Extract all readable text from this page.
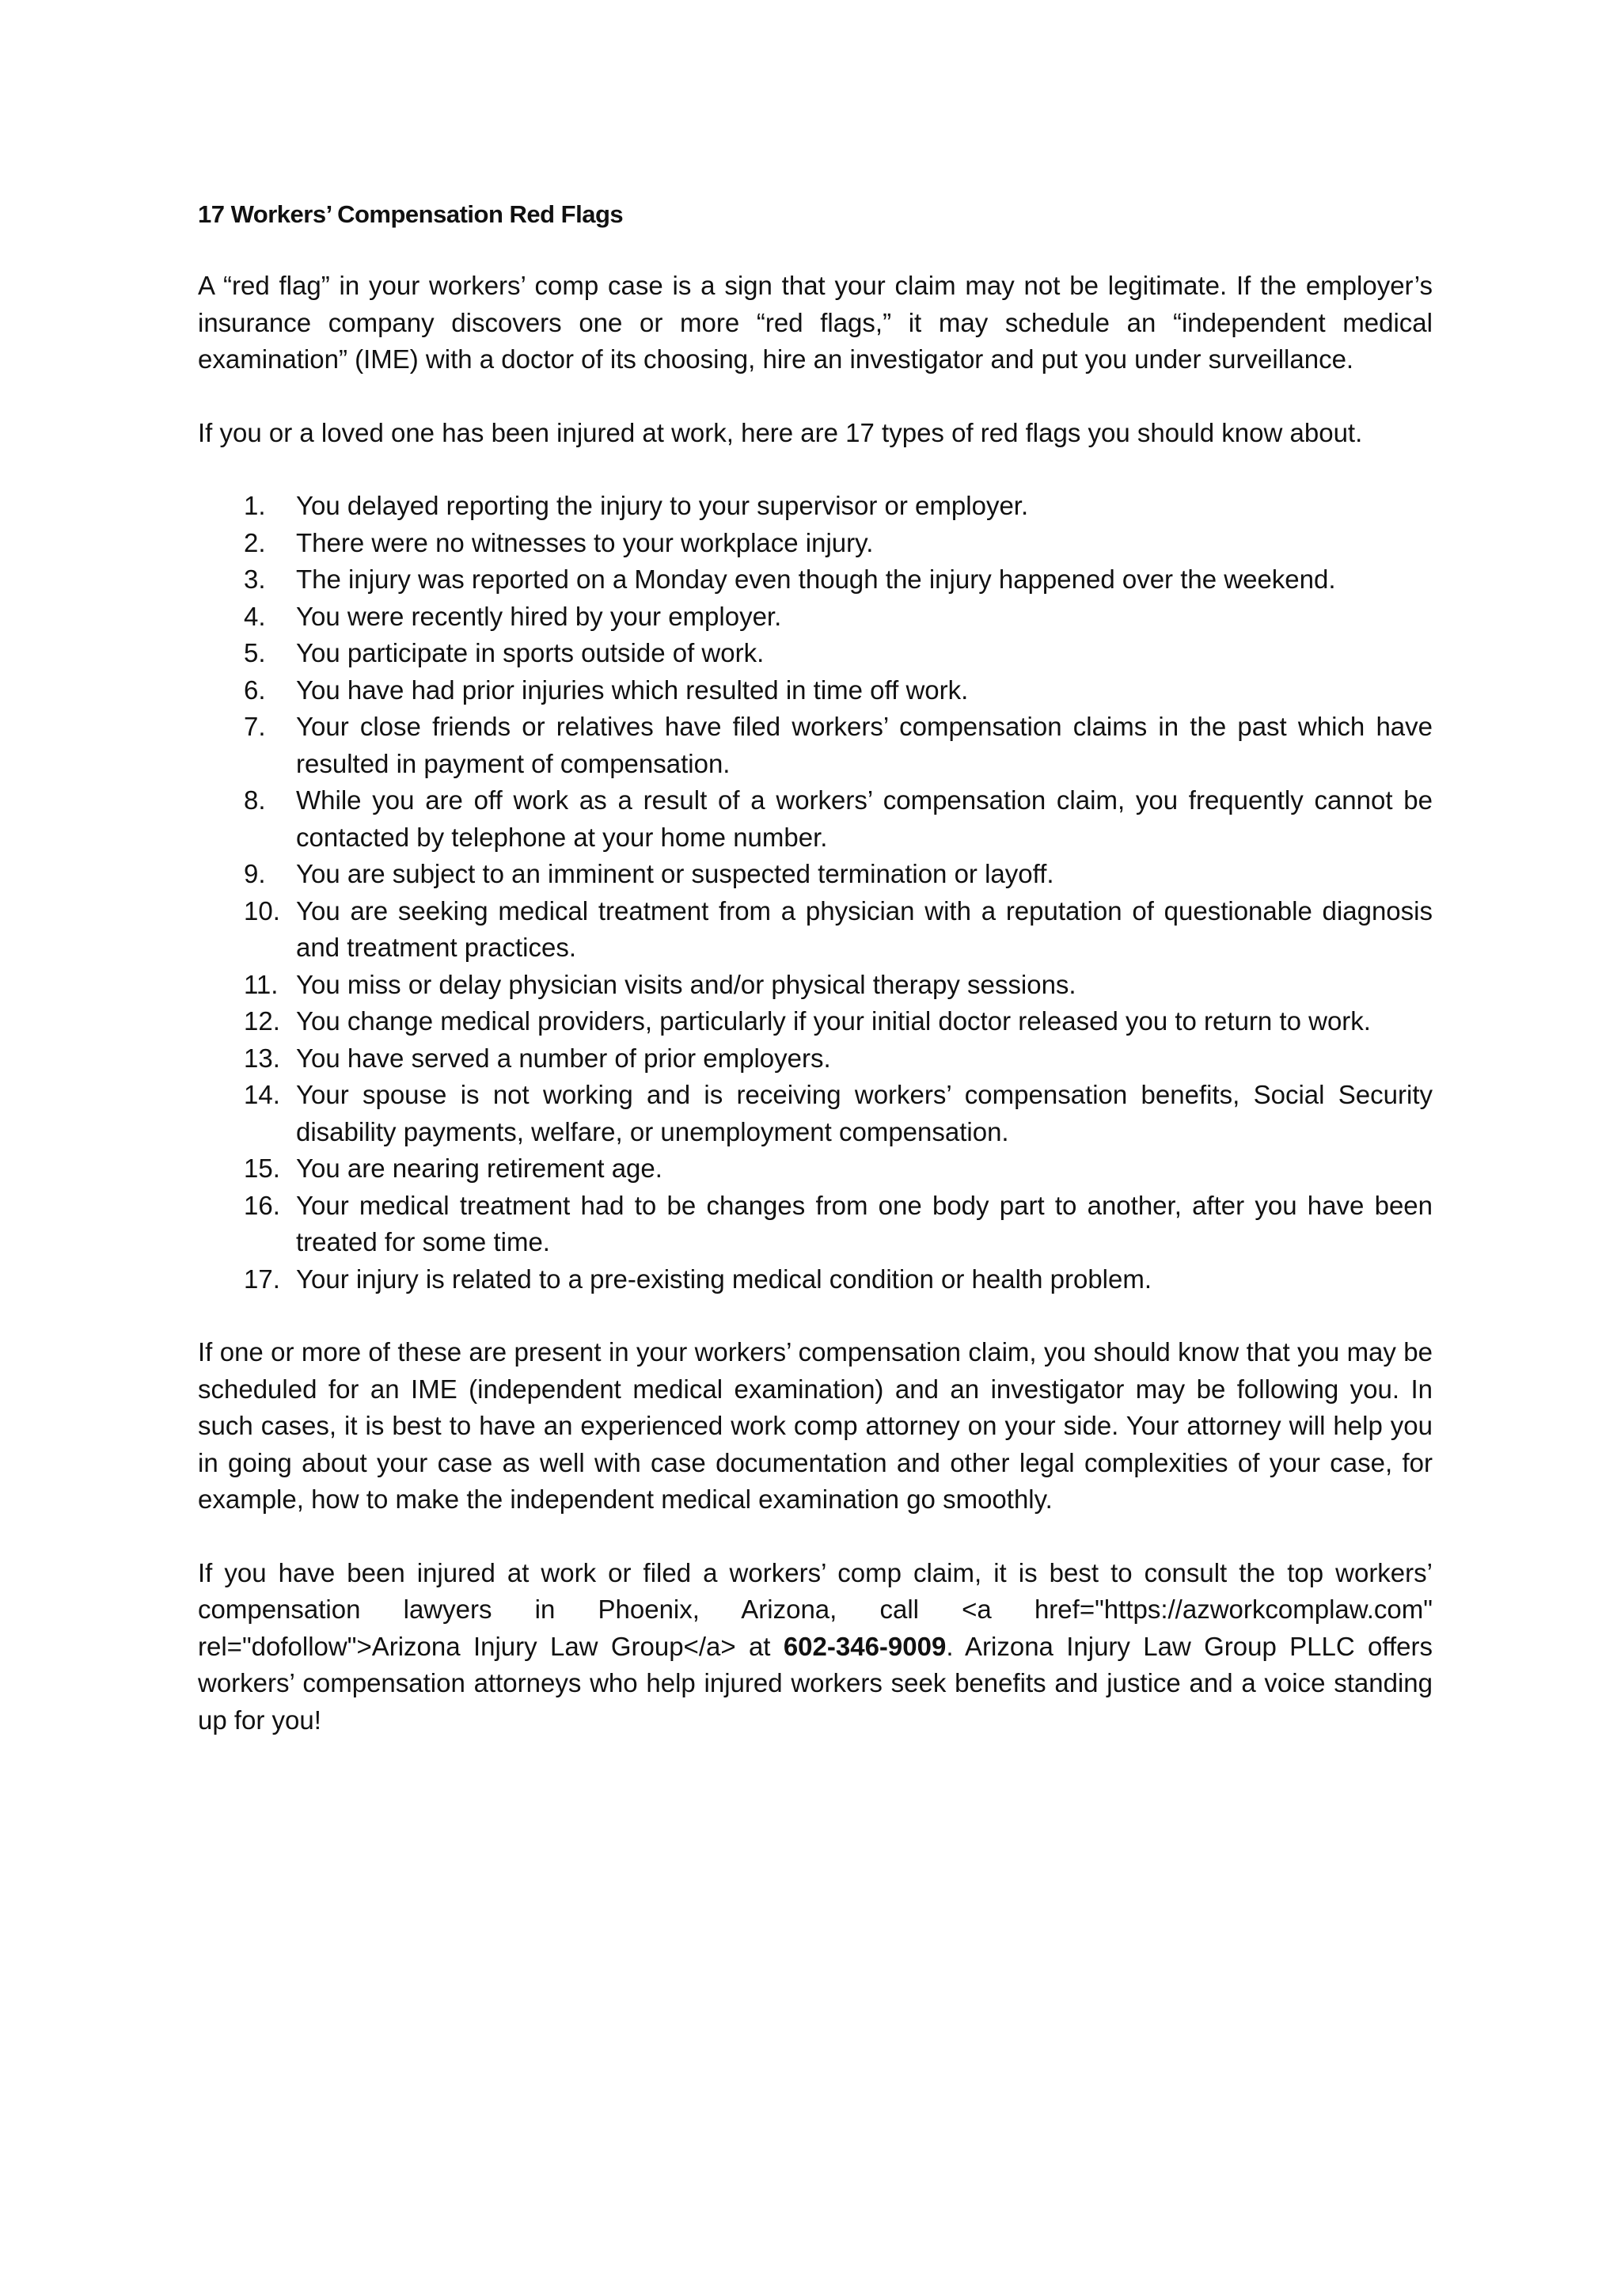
17 Workers’ Compensation Red Flags

A “red flag” in your workers’ comp case is a sign that your claim may not be legitimate. If the employer’s insurance company discovers one or more “red flags,” it may schedule an “independent medical examination” (IME) with a doctor of its choosing, hire an investigator and put you under surveillance.

If you or a loved one has been injured at work, here are 17 types of red flags you should know about.

1. You delayed reporting the injury to your supervisor or employer.
2. There were no witnesses to your workplace injury.
3. The injury was reported on a Monday even though the injury happened over the weekend.
4. You were recently hired by your employer.
5. You participate in sports outside of work.
6. You have had prior injuries which resulted in time off work.
7. Your close friends or relatives have filed workers’ compensation claims in the past which have resulted in payment of compensation.
8. While you are off work as a result of a workers’ compensation claim, you frequently cannot be contacted by telephone at your home number.
9. You are subject to an imminent or suspected termination or layoff.
10. You are seeking medical treatment from a physician with a reputation of questionable diagnosis and treatment practices.
11. You miss or delay physician visits and/or physical therapy sessions.
12. You change medical providers, particularly if your initial doctor released you to return to work.
13. You have served a number of prior employers.
14. Your spouse is not working and is receiving workers’ compensation benefits, Social Security disability payments, welfare, or unemployment compensation.
15. You are nearing retirement age.
16. Your medical treatment had to be changes from one body part to another, after you have been treated for some time.
17. Your injury is related to a pre-existing medical condition or health problem.

If one or more of these are present in your workers’ compensation claim, you should know that you may be scheduled for an IME (independent medical examination) and an investigator may be following you. In such cases, it is best to have an experienced work comp attorney on your side. Your attorney will help you in going about your case as well with case documentation and other legal complexities of your case, for example, how to make the independent medical examination go smoothly.

If you have been injured at work or filed a workers’ comp claim, it is best to consult the top workers’ compensation lawyers in Phoenix, Arizona, call <a href="https://azworkcomplaw.com" rel="dofollow">Arizona Injury Law Group</a> at 602-346-9009. Arizona Injury Law Group PLLC offers workers’ compensation attorneys who help injured workers seek benefits and justice and a voice standing up for you!
